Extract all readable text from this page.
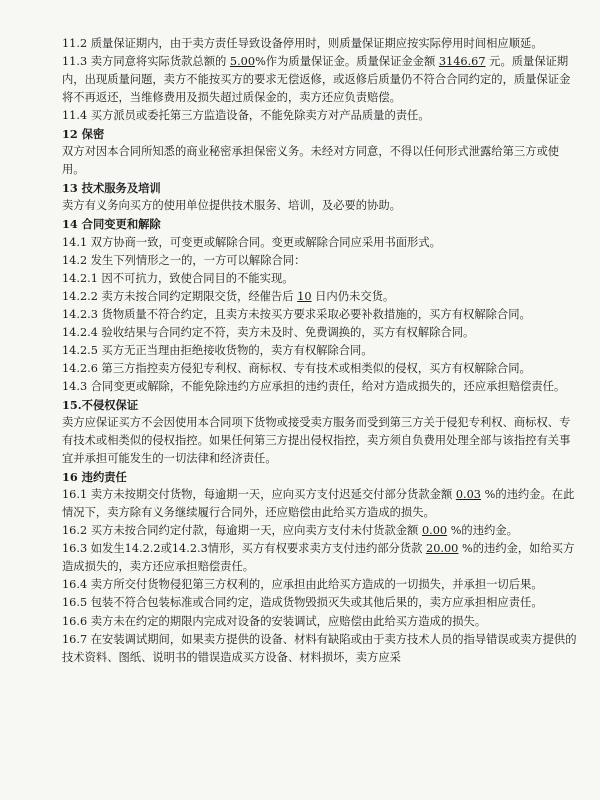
11.2 质量保证期内，由于卖方责任导致设备停用时，则质量保证期应按实际停用时间相应顺延。

11.3 卖方同意将实际货款总额的 5.00%作为质量保证金。质量保证金金额 3146.67 元。质量保证期内，出现质量问题，卖方不能按买方的要求无偿返修，或返修后质量仍不符合合同约定的，质量保证金将不再返还，当维修费用及损失超过质保金的，卖方还应负责赔偿。

11.4 买方派员或委托第三方监造设备，不能免除卖方对产品质量的责任。

12 保密

双方对因本合同所知悉的商业秘密承担保密义务。未经对方同意，不得以任何形式泄露给第三方或使用。

13 技术服务及培训

卖方有义务向买方的使用单位提供技术服务、培训，及必要的协助。

14 合同变更和解除

14.1 双方协商一致，可变更或解除合同。变更或解除合同应采用书面形式。

14.2 发生下列情形之一的，一方可以解除合同：

14.2.1 因不可抗力，致使合同目的不能实现。

14.2.2 卖方未按合同约定期限交货，经催告后 10 日内仍未交货。

14.2.3 货物质量不符合约定，且卖方未按买方要求采取必要补救措施的，买方有权解除合同。

14.2.4 验收结果与合同约定不符，卖方未及时、免费调换的，买方有权解除合同。

14.2.5 买方无正当理由拒绝接收货物的，卖方有权解除合同。

14.2.6 第三方指控卖方侵犯专利权、商标权、专有技术或相类似的侵权，买方有权解除合同。

14.3 合同变更或解除，不能免除违约方应承担的违约责任，给对方造成损失的，还应承担赔偿责任。

15.不侵权保证

卖方应保证买方不会因使用本合同项下货物或接受卖方服务而受到第三方关于侵犯专利权、商标权、专有技术或相类似的侵权指控。如果任何第三方提出侵权指控，卖方须自负费用处理全部与该指控有关事宜并承担可能发生的一切法律和经济责任。

16 违约责任

16.1 卖方未按期交付货物，每逾期一天，应向买方支付迟延交付部分货款金额 0.03 %的违约金。在此情况下，卖方除有义务继续履行合同外，还应赔偿由此给买方造成的损失。

16.2 买方未按合同约定付款，每逾期一天，应向卖方支付未付货款金额 0.00 %的违约金。

16.3 如发生14.2.2或14.2.3情形，买方有权要求卖方支付违约部分货款 20.00 %的违约金，如给买方造成损失的，卖方还应承担赔偿责任。

16.4 卖方所交付货物侵犯第三方权利的，应承担由此给买方造成的一切损失，并承担一切后果。

16.5 包装不符合包装标准或合同约定，造成货物毁损灭失或其他后果的，卖方应承担相应责任。

16.6 卖方未在约定的期限内完成对设备的安装调试，应赔偿由此给买方造成的损失。

16.7 在安装调试期间，如果卖方提供的设备、材料有缺陷或由于卖方技术人员的指导错误或卖方提供的技术资料、图纸、说明书的错误造成买方设备、材料损坏，卖方应采
